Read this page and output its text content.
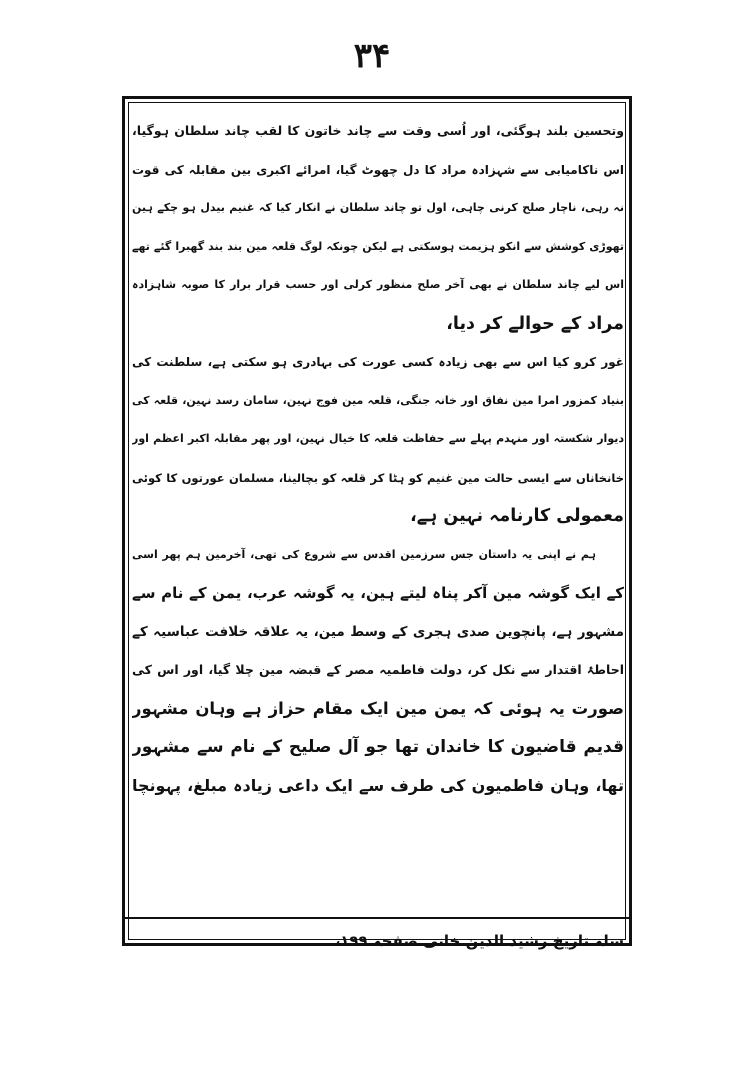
۳۴
وتحسین بلند ہوگئی، اور اُسی وقت سے چاند خاتون کا لقب چاند سلطان ہوگیا،
اس ناکامیابی سے شہزادہ مراد کا دل چھوٹ گیا، امرائے اکبری بین مقابلہ کی قوت
نہ رہی، ناچار صلح کرنی چاہی، اول تو چاند سلطان نے انکار کیا کہ غنیم بیدل ہو چکے ہین
تھوڑی کوشش سے انکو ہزیمت ہوسکتی ہے لیکن چونکہ لوگ قلعہ مین بند بند گھبرا گئے تھے
اس لیے چاند سلطان نے بھی آخر صلح منظور کرلی اور حسب قرار برار کا صوبہ شاہزادہ
مراد کے حوالے کر دیا،
غور کرو کیا اس سے بھی زیادہ کسی عورت کی بہادری ہو سکتی ہے، سلطنت کی
بنیاد کمزور امرا مین نفاق اور خانہ جنگی، قلعہ مین فوج نہین، سامان رسد نہین، قلعہ کی
دیوار شکستہ اور منہدم پہلے سے حفاظت قلعہ کا خیال نہین، اور پھر مقابلہ اکبر اعظم اور
خانخاناں سے ایسی حالت مین غنیم کو ہٹا کر قلعہ کو بچالینا، مسلمان عورتوں کا کوئی
معمولی کارنامہ نہین ہے،
ہم نے اپنی یہ داستان جس سرزمین اقدس سے شروع کی تھی، آخرمین ہم پھر اسی
کے ایک گوشہ مین آکر پناہ لیتے ہین، یہ گوشہ عرب، یمن کے نام سے
مشہور ہے، پانچوین صدی ہجری کے وسط مین، یہ علاقہ خلافت عباسیہ کے
احاطۂ اقتدار سے نکل کر، دولت فاطمیہ مصر کے قبضہ مین چلا گیا، اور اس کی
صورت یہ ہوئی کہ یمن مین ایک مقام حزاز ہے وہان مشہور
قدیم قاضیون کا خاندان تھا جو آل صلیح کے نام سے مشہور
تھا، وہان فاطمیون کی طرف سے ایک داعی زیادہ مبلغ، پہونچا
سلہ تاریخ رشید الدین خانی صفحہ ۱۹۹،
